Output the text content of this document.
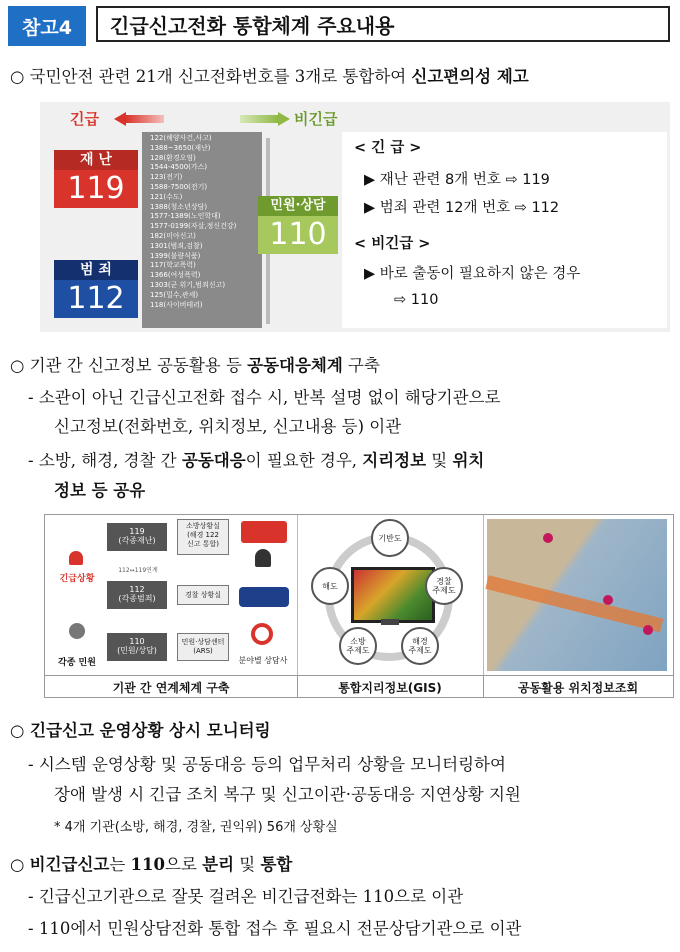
참고4	긴급신고전화 통합체계 주요내용
○ 국민안전 관련 21개 신고전화번호를 3개로 통합하여 신고편의성 제고
긴급	비긴급
122(해양사건,사고)
1388~3650(재난)
128(환경오염)
1544-4500(가스)
123(전기)
1588-7500(전기)
121(수도)
1388(청소년상담)
1577-1389(노인학대)
1577-0199(자살,정신건강)
182(미아신고)
1301(범죄,검찰)
1399(불량식품)
117(학교폭력)
1366(여성폭력)
1303(군 위기,범죄신고)
125(밀수,관세)
118(사이버테러)
재 난
119
범 죄
112
민원·상담
110
< 긴 급 >
▶ 재난 관련 8개 번호 ⇨ 119
▶ 범죄 관련 12개 번호 ⇨ 112
< 비긴급 >
▶ 바로 출동이 필요하지 않은 경우
⇨ 110
○ 기관 간 신고정보 공동활용 등 공동대응체계 구축
- 소관이 아닌 긴급신고전화 접수 시, 반복 설명 없이 해당기관으로
신고정보(전화번호, 위치정보, 신고내용 등) 이관
- 소방, 해경, 경찰 간 공동대응이 필요한 경우, 지리정보 및 위치
정보 등 공유
긴급상황
각종 민원
119
(각종재난)
112↔119연계
112
(각종범죄)
110
(민원/상담)
소방상황실
(해경 122
신고 통합)
경찰 상황실
민원·상담센터
(ARS)
분야별 상담사
기관 간 연계체계 구축
기반도
경찰
주제도
해경
주제도
소방
주제도
해도
통합지리정보(GIS)	공동활용 위치정보조회
○ 긴급신고 운영상황 상시 모니터링
- 시스템 운영상황 및 공동대응 등의 업무처리 상황을 모니터링하여
장애 발생 시 긴급 조치 복구 및 신고이관·공동대응 지연상황 지원
* 4개 기관(소방, 해경, 경찰, 권익위) 56개 상황실
○ 비긴급신고는 110으로 분리 및 통합
- 긴급신고기관으로 잘못 걸려온 비긴급전화는 110으로 이관
- 110에서 민원상담전화 통합 접수 후 필요시 전문상담기관으로 이관
